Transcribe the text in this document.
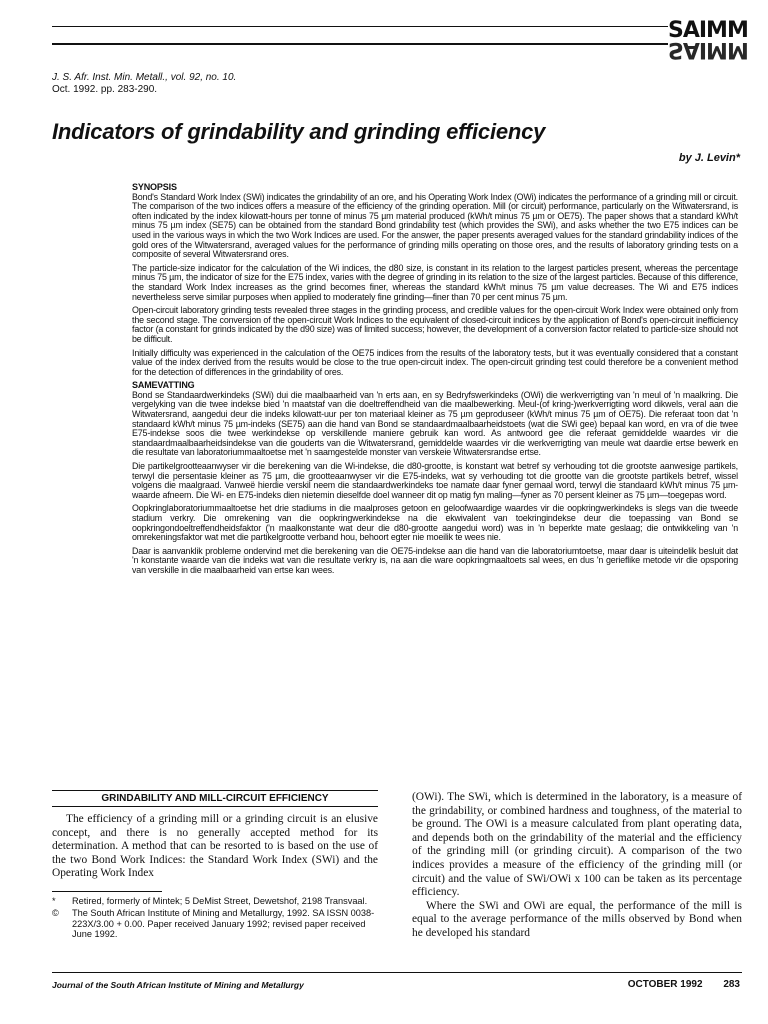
SAIMM
SAIMM
J. S. Afr. Inst. Min. Metall., vol. 92, no. 10.
Oct. 1992. pp. 283-290.
Indicators of grindability and grinding efficiency
by J. Levin*
SYNOPSIS

Bond's Standard Work Index (SWi) indicates the grindability of an ore, and his Operating Work Index (OWi) indicates the performance of a grinding mill or circuit. The comparison of the two indices offers a measure of the efficiency of the grinding operation. Mill (or circuit) performance, particularly on the Witwatersrand, is often indicated by the index kilowatt-hours per tonne of minus 75 µm material produced (kWh/t minus 75 µm or OE75). The paper shows that a standard kWh/t minus 75 µm index (SE75) can be obtained from the standard Bond grindability test (which provides the SWi), and asks whether the two E75 indices can be used in the various ways in which the two Work Indices are used. For the answer, the paper presents averaged values for the standard grindability indices of the gold ores of the Witwatersrand, averaged values for the performance of grinding mills operating on those ores, and the results of laboratory grinding tests on a composite of several Witwatersrand ores.

The particle-size indicator for the calculation of the Wi indices, the d80 size, is constant in its relation to the largest particles present, whereas the percentage minus 75 µm, the indicator of size for the E75 index, varies with the degree of grinding in its relation to the size of the largest particles. Because of this difference, the standard Work Index increases as the grind becomes finer, whereas the standard kWh/t minus 75 µm value decreases. The Wi and E75 indices nevertheless serve similar purposes when applied to moderately fine grinding—finer than 70 per cent minus 75 µm.

Open-circuit laboratory grinding tests revealed three stages in the grinding process, and credible values for the open-circuit Work Index were obtained only from the second stage. The conversion of the open-circuit Work Indices to the equivalent of closed-circuit indices by the application of Bond's open-circuit inefficiency factor (a constant for grinds indicated by the d90 size) was of limited success; however, the development of a conversion factor related to particle-size should not be difficult.

Initially difficulty was experienced in the calculation of the OE75 indices from the results of the laboratory tests, but it was eventually considered that a constant value of the index derived from the results would be close to the true open-circuit index. The open-circuit grinding test could therefore be a convenient method for the detection of differences in the grindability of ores.

SAMEVATTING

Bond se Standaardwerkindeks (SWi) dui die maalbaarheid van 'n erts aan, en sy Bedryfswerkindeks (OWi) die werkverrigting van 'n meul of 'n maalkring. Die vergelyking van die twee indekse bied 'n maatstaf van die doeltreffendheid van die maalbewerking. Meul-(of kring-)werkverrigting word dikwels, veral aan die Witwatersrand, aangedui deur die indeks kilowatt-uur per ton materiaal kleiner as 75 µm geproduseer (kWh/t minus 75 µm of OE75). Die referaat toon dat 'n standaard kWh/t minus 75 µm-indeks (SE75) aan die hand van Bond se standaardmaalbaarheidstoets (wat die SWi gee) bepaal kan word, en vra of die twee E75-indekse soos die twee werkindekse op verskillende maniere gebruik kan word. As antwoord gee die referaat gemiddelde waardes vir die standaardmaalbaarheidsindekse van die gouderts van die Witwatersrand, gemiddelde waardes vir die werkverrigting van meule wat daardie ertse bewerk en die resultate van laboratoriummaaltoetse met 'n saamgestelde monster van verskeie Witwatersrandse ertse.

Die partikelgrootteaanwyser vir die berekening van die Wi-indekse, die d80-grootte, is konstant wat betref sy verhouding tot die grootste aanwesige partikels, terwyl die persentasie kleiner as 75 µm, die grootteaanwyser vir die E75-indeks, wat sy verhouding tot die grootte van die grootste partikels betref, wissel volgens die maalgraad. Vanweë hierdie verskil neem die standaardwerkindeks toe namate daar fyner gemaal word, terwyl die standaard kWh/t minus 75 µm-waarde afneem. Die Wi- en E75-indeks dien nietemin dieselfde doel wanneer dit op matig fyn maling—fyner as 70 persent kleiner as 75 µm—toegepas word.

Oopkringlaboratoriummaaltoetse het drie stadiums in die maalproses getoon en geloofwaardige waardes vir die oopkringwerkindeks is slegs van die tweede stadium verkry. Die omrekening van die oopkringwerkindekse na die ekwivalent van toekringindekse deur die toepassing van Bond se oopkringondoeltreffendheidsfaktor ('n maalkonstante wat deur die d80-grootte aangedui word) was in 'n beperkte mate geslaag; die ontwikkeling van 'n omrekeningsfaktor wat met die partikelgrootte verband hou, behoort egter nie moeilik te wees nie.

Daar is aanvanklik probleme ondervind met die berekening van die OE75-indekse aan die hand van die laboratoriumtoetse, maar daar is uiteindelik besluit dat 'n konstante waarde van die indeks wat van die resultate verkry is, na aan die ware oopkringmaaltoets sal wees, en dus 'n gerieflike metode vir die opsporing van verskille in die maalbaarheid van ertse kan wees.

GRINDABILITY AND MILL-CIRCUIT EFFICIENCY

The efficiency of a grinding mill or a grinding circuit is an elusive concept, and there is no generally accepted method for its determination. A method that can be resorted to is based on the use of the two Bond Work Indices: the Standard Work Index (SWi) and the Operating Work Index

*	Retired, formerly of Mintek; 5 DeMist Street, Dewetshof, 2198 Transvaal.
©	The South African Institute of Mining and Metallurgy, 1992. SA ISSN 0038-223X/3.00 + 0.00. Paper received January 1992; revised paper received June 1992.

(OWi). The SWi, which is determined in the laboratory, is a measure of the grindability, or combined hardness and toughness, of the material to be ground. The OWi is a measure calculated from plant operating data, and depends both on the grindability of the material and the efficiency of the grinding mill (or grinding circuit). A comparison of the two indices provides a measure of the efficiency of the grinding mill (or circuit) and the value of SWi/OWi x 100 can be taken as its percentage efficiency.

Where the SWi and OWi are equal, the performance of the mill is equal to the average performance of the mills observed by Bond when he developed his standard

Journal of the South African Institute of Mining and Metallurgy	OCTOBER 1992 283
